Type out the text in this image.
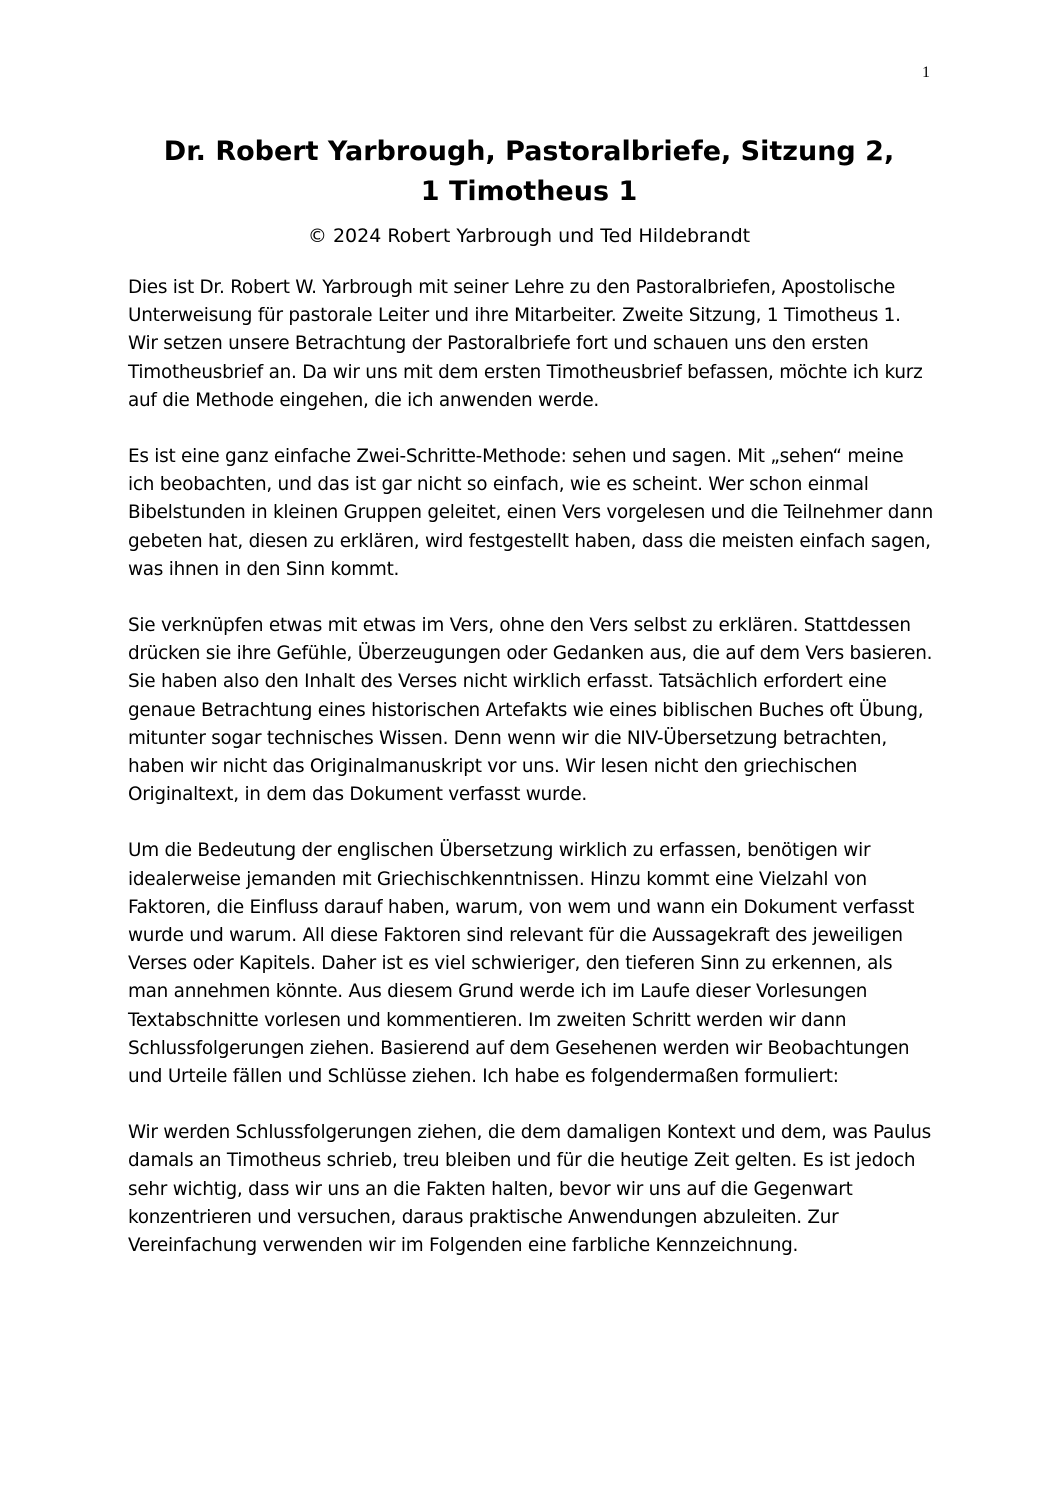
1
Dr. Robert Yarbrough, Pastoralbriefe, Sitzung 2,
1 Timotheus 1

© 2024 Robert Yarbrough und Ted Hildebrandt

Dies ist Dr. Robert W. Yarbrough mit seiner Lehre zu den Pastoralbriefen, Apostolische Unterweisung für pastorale Leiter und ihre Mitarbeiter. Zweite Sitzung, 1 Timotheus 1.

Wir setzen unsere Betrachtung der Pastoralbriefe fort und schauen uns den ersten Timotheusbrief an. Da wir uns mit dem ersten Timotheusbrief befassen, möchte ich kurz auf die Methode eingehen, die ich anwenden werde.

Es ist eine ganz einfache Zwei-Schritte-Methode: sehen und sagen. Mit „sehen“ meine ich beobachten, und das ist gar nicht so einfach, wie es scheint. Wer schon einmal Bibelstunden in kleinen Gruppen geleitet, einen Vers vorgelesen und die Teilnehmer dann gebeten hat, diesen zu erklären, wird festgestellt haben, dass die meisten einfach sagen, was ihnen in den Sinn kommt.

Sie verknüpfen etwas mit etwas im Vers, ohne den Vers selbst zu erklären. Stattdessen drücken sie ihre Gefühle, Überzeugungen oder Gedanken aus, die auf dem Vers basieren. Sie haben also den Inhalt des Verses nicht wirklich erfasst. Tatsächlich erfordert eine genaue Betrachtung eines historischen Artefakts wie eines biblischen Buches oft Übung, mitunter sogar technisches Wissen. Denn wenn wir die NIV-Übersetzung betrachten, haben wir nicht das Originalmanuskript vor uns. Wir lesen nicht den griechischen Originaltext, in dem das Dokument verfasst wurde.

Um die Bedeutung der englischen Übersetzung wirklich zu erfassen, benötigen wir idealerweise jemanden mit Griechischkenntnissen. Hinzu kommt eine Vielzahl von Faktoren, die Einfluss darauf haben, warum, von wem und wann ein Dokument verfasst wurde und warum. All diese Faktoren sind relevant für die Aussagekraft des jeweiligen Verses oder Kapitels. Daher ist es viel schwieriger, den tieferen Sinn zu erkennen, als man annehmen könnte. Aus diesem Grund werde ich im Laufe dieser Vorlesungen Textabschnitte vorlesen und kommentieren. Im zweiten Schritt werden wir dann Schlussfolgerungen ziehen. Basierend auf dem Gesehenen werden wir Beobachtungen und Urteile fällen und Schlüsse ziehen. Ich habe es folgendermaßen formuliert:

Wir werden Schlussfolgerungen ziehen, die dem damaligen Kontext und dem, was Paulus damals an Timotheus schrieb, treu bleiben und für die heutige Zeit gelten. Es ist jedoch sehr wichtig, dass wir uns an die Fakten halten, bevor wir uns auf die Gegenwart konzentrieren und versuchen, daraus praktische Anwendungen abzuleiten. Zur Vereinfachung verwenden wir im Folgenden eine farbliche Kennzeichnung.
